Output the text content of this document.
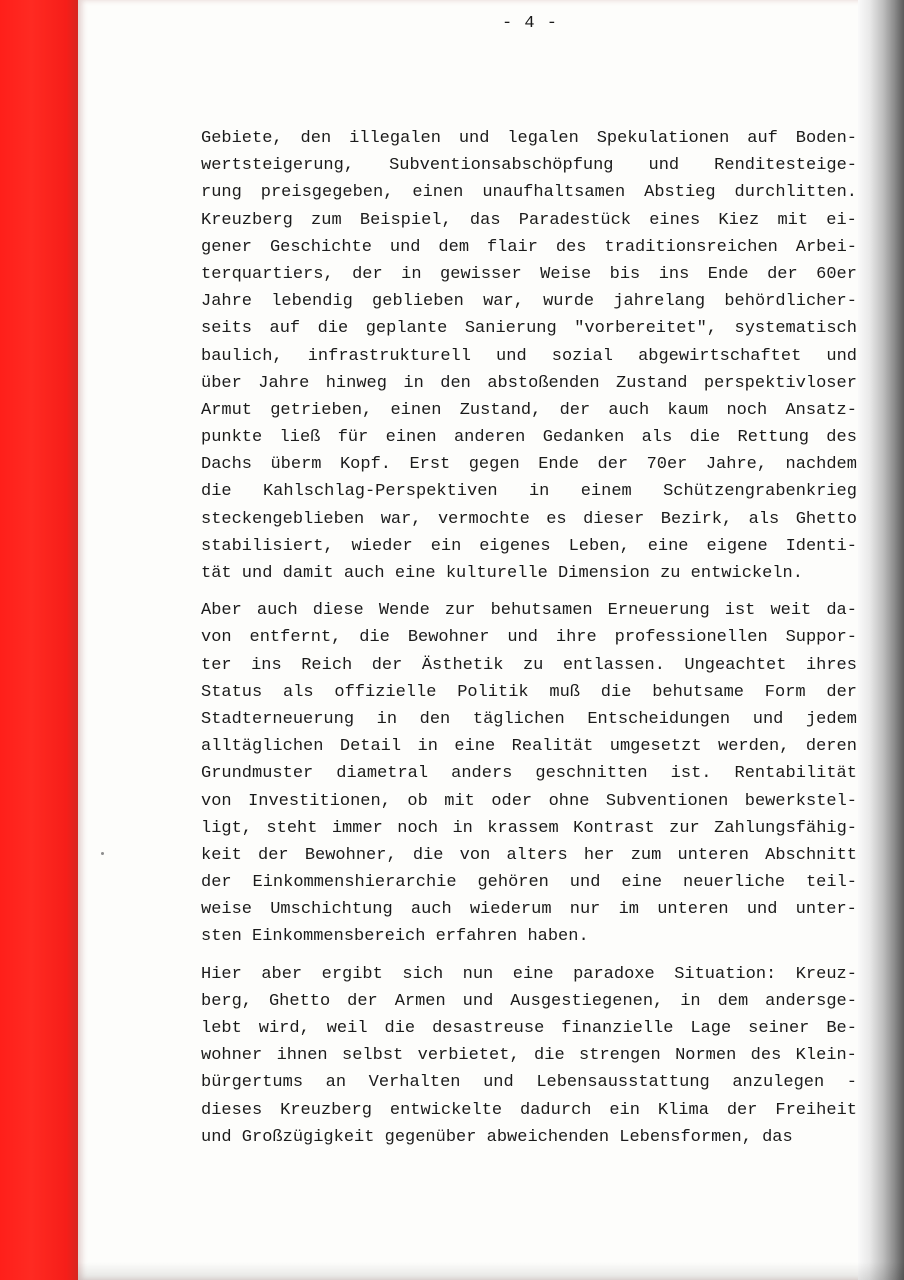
- 4 -
Gebiete, den illegalen und legalen Spekulationen auf Boden-
wertsteigerung, Subventionsabschöpfung und Renditesteige-
rung preisgegeben, einen unaufhaltsamen Abstieg durchlitten.
Kreuzberg zum Beispiel, das Paradestück eines Kiez mit ei-
gener Geschichte und dem flair des traditionsreichen Arbei-
terquartiers, der in gewisser Weise bis ins Ende der 60er
Jahre lebendig geblieben war, wurde jahrelang behördlicher-
seits auf die geplante Sanierung "vorbereitet", systematisch
baulich, infrastrukturell und sozial abgewirtschaftet und
über Jahre hinweg in den abstoßenden Zustand perspektivloser
Armut getrieben, einen Zustand, der auch kaum noch Ansatz-
punkte ließ für einen anderen Gedanken als die Rettung des
Dachs überm Kopf. Erst gegen Ende der 70er Jahre, nachdem
die Kahlschlag-Perspektiven in einem Schützengrabenkrieg
steckengeblieben war, vermochte es dieser Bezirk, als Ghetto
stabilisiert, wieder ein eigenes Leben, eine eigene Identi-
tät und damit auch eine kulturelle Dimension zu entwickeln.
Aber auch diese Wende zur behutsamen Erneuerung ist weit da-
von entfernt, die Bewohner und ihre professionellen Suppor-
ter ins Reich der Ästhetik zu entlassen. Ungeachtet ihres
Status als offizielle Politik muß die behutsame Form der
Stadterneuerung in den täglichen Entscheidungen und jedem
alltäglichen Detail in eine Realität umgesetzt werden, deren
Grundmuster diametral anders geschnitten ist. Rentabilität
von Investitionen, ob mit oder ohne Subventionen bewerkstel-
ligt, steht immer noch in krassem Kontrast zur Zahlungsfähig-
keit der Bewohner, die von alters her zum unteren Abschnitt
der Einkommenshierarchie gehören und eine neuerliche teil-
weise Umschichtung auch wiederum nur im unteren und unter-
sten Einkommensbereich erfahren haben.
Hier aber ergibt sich nun eine paradoxe Situation: Kreuz-
berg, Ghetto der Armen und Ausgestiegenen, in dem andersge-
lebt wird, weil die desastreuse finanzielle Lage seiner Be-
wohner ihnen selbst verbietet, die strengen Normen des Klein-
bürgertums an Verhalten und Lebensausstattung anzulegen -
dieses Kreuzberg entwickelte dadurch ein Klima der Freiheit
und Großzügigkeit gegenüber abweichenden Lebensformen, das
